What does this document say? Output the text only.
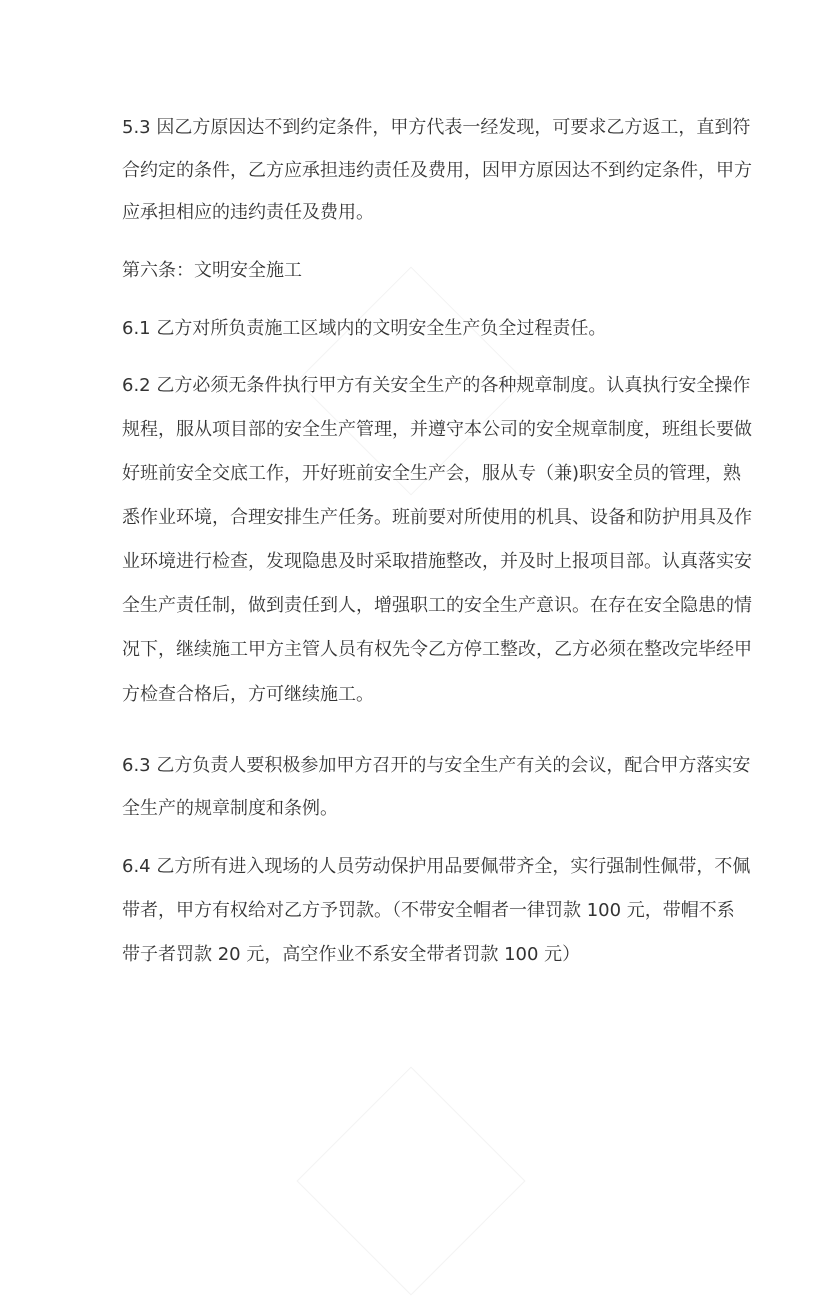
5.3 因乙方原因达不到约定条件，甲方代表一经发现，可要求乙方返工，直到符
合约定的条件，乙方应承担违约责任及费用，因甲方原因达不到约定条件，甲方
应承担相应的违约责任及费用。
第六条：文明安全施工
6.1 乙方对所负责施工区域内的文明安全生产负全过程责任。
6.2 乙方必须无条件执行甲方有关安全生产的各种规章制度。认真执行安全操作
规程，服从项目部的安全生产管理，并遵守本公司的安全规章制度，班组长要做
好班前安全交底工作，开好班前安全生产会，服从专（兼)职安全员的管理，熟
悉作业环境，合理安排生产任务。班前要对所使用的机具、设备和防护用具及作
业环境进行检查，发现隐患及时采取措施整改，并及时上报项目部。认真落实安
全生产责任制，做到责任到人，增强职工的安全生产意识。在存在安全隐患的情
况下，继续施工甲方主管人员有权先令乙方停工整改，乙方必须在整改完毕经甲
方检查合格后，方可继续施工。
6.3 乙方负责人要积极参加甲方召开的与安全生产有关的会议，配合甲方落实安
全生产的规章制度和条例。
6.4 乙方所有进入现场的人员劳动保护用品要佩带齐全，实行强制性佩带，不佩
带者，甲方有权给对乙方予罚款。（不带安全帽者一律罚款 100 元，带帽不系
带子者罚款 20 元，高空作业不系安全带者罚款 100 元）
